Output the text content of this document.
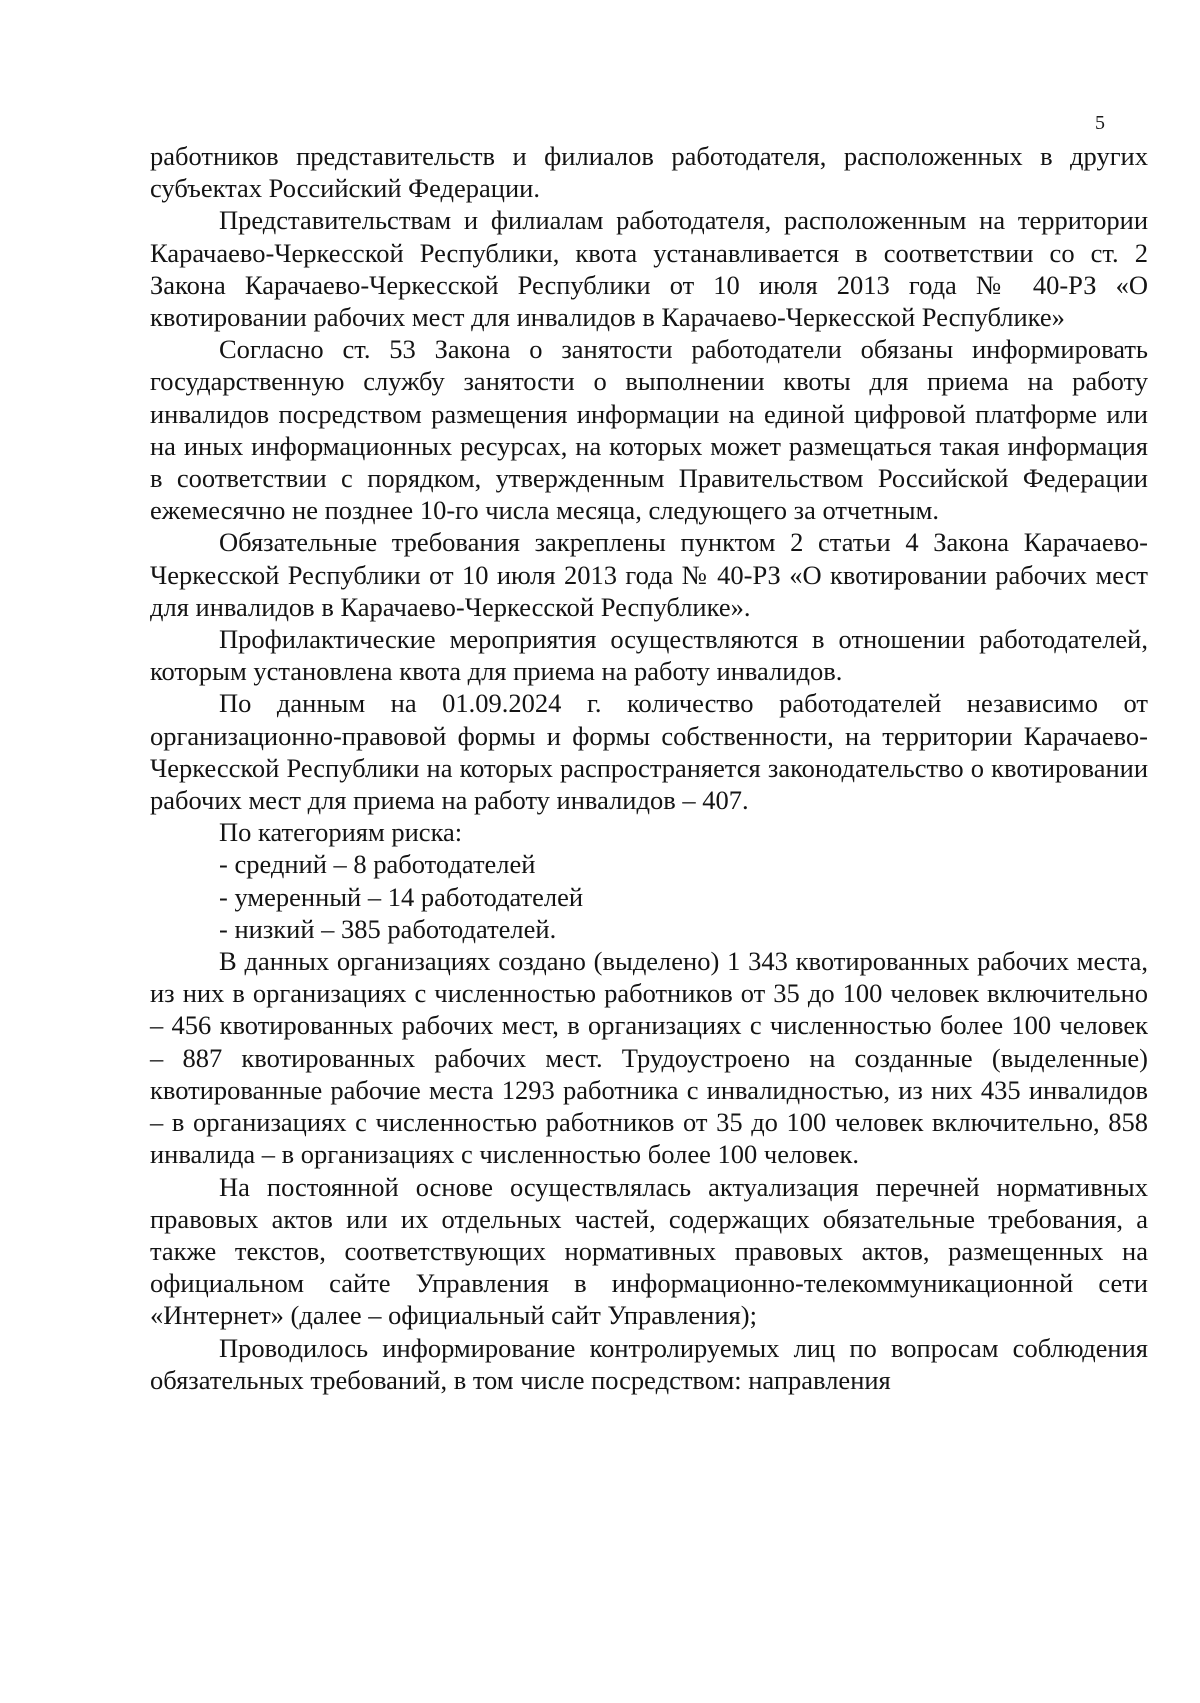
5

работников представительств и филиалов работодателя, расположенных в других субъектах Российский Федерации.

Представительствам и филиалам работодателя, расположенным на территории Карачаево-Черкесской Республики, квота устанавливается в соответствии со ст. 2 Закона Карачаево-Черкесской Республики от 10 июля 2013 года № 40-РЗ «О квотировании рабочих мест для инвалидов в Карачаево-Черкесской Республике»

Согласно ст. 53 Закона о занятости работодатели обязаны информировать государственную службу занятости о выполнении квоты для приема на работу инвалидов посредством размещения информации на единой цифровой платформе или на иных информационных ресурсах, на которых может размещаться такая информация в соответствии с порядком, утвержденным Правительством Российской Федерации ежемесячно не позднее 10-го числа месяца, следующего за отчетным.

Обязательные требования закреплены пунктом 2 статьи 4 Закона Карачаево-Черкесской Республики от 10 июля 2013 года № 40-РЗ «О квотировании рабочих мест для инвалидов в Карачаево-Черкесской Республике».

Профилактические мероприятия осуществляются в отношении работодателей, которым установлена квота для приема на работу инвалидов.

По данным на 01.09.2024 г. количество работодателей независимо от организационно-правовой формы и формы собственности, на территории Карачаево-Черкесской Республики на которых распространяется законодательство о квотировании рабочих мест для приема на работу инвалидов – 407.

По категориям риска:

- средний – 8 работодателей

- умеренный – 14 работодателей

- низкий – 385 работодателей.

В данных организациях создано (выделено) 1 343 квотированных рабочих места, из них в организациях с численностью работников от 35 до 100 человек включительно – 456 квотированных рабочих мест, в организациях с численностью более 100 человек – 887 квотированных рабочих мест. Трудоустроено на созданные (выделенные) квотированные рабочие места 1293 работника с инвалидностью, из них 435 инвалидов – в организациях с численностью работников от 35 до 100 человек включительно, 858 инвалида – в организациях с численностью более 100 человек.

На постоянной основе осуществлялась актуализация перечней нормативных правовых актов или их отдельных частей, содержащих обязательные требования, а также текстов, соответствующих нормативных правовых актов, размещенных на официальном сайте Управления в информационно-телекоммуникационной сети «Интернет» (далее – официальный сайт Управления);

Проводилось информирование контролируемых лиц по вопросам соблюдения обязательных требований, в том числе посредством: направления
